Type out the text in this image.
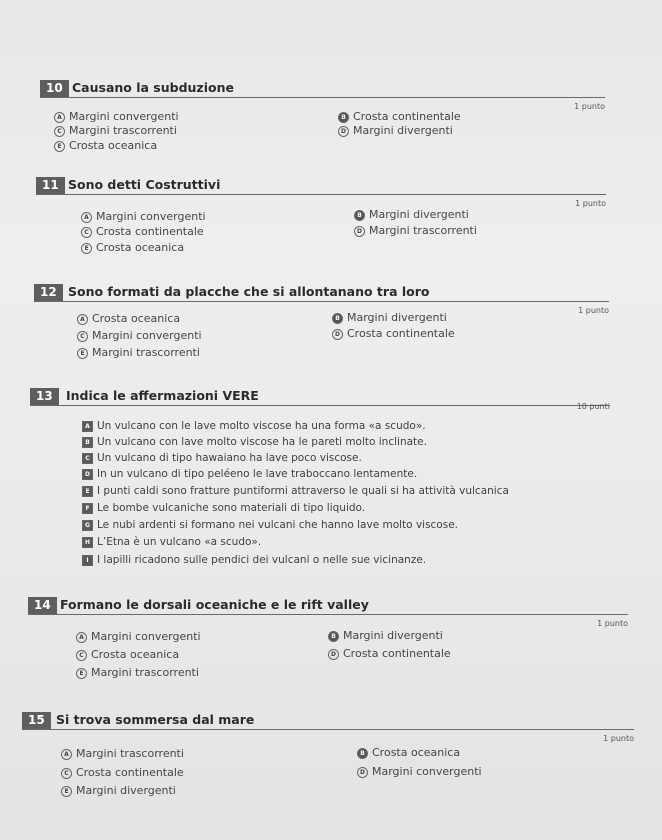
10 Causano la subduzione
1 punto
A Margini convergenti	B Crosta continentale
C Margini trascorrenti	D Margini divergenti
E Crosta oceanica
11 Sono detti Costruttivi
1 punto
A Margini convergenti	B Margini divergenti
C Crosta continentale	D Margini trascorrenti
E Crosta oceanica
12 Sono formati da placche che si allontanano tra loro
1 punto
A Crosta oceanica	B Margini divergenti
C Margini convergenti	D Crosta continentale
E Margini trascorrenti
13	Indica le affermazioni VERE
10 punti
A Un vulcano con le lave molto viscose ha una forma «a scudo».
B Un vulcano con lave molto viscose ha le pareti molto inclinate.
C Un vulcano di tipo hawaiano ha lave poco viscose.
D In un vulcano di tipo peléeno le lave traboccano lentamente.
E I punti caldi sono fratture puntiformi attraverso le quali si ha attività vulcanica
F Le bombe vulcaniche sono materiali di tipo liquido.
G Le nubi ardenti si formano nei vulcani che hanno lave molto viscose.
H L’Etna è un vulcano «a scudo».
I I lapilli ricadono sulle pendici dei vulcani o nelle sue vicinanze.
14 Formano le dorsali oceaniche e le rift valley
1 punto
A Margini convergenti	B Margini divergenti
C Crosta oceanica	D Crosta continentale
E Margini trascorrenti
15 Si trova sommersa dal mare
1 punto
A Margini trascorrenti	B Crosta oceanica
C Crosta continentale	D Margini convergenti
E Margini divergenti
